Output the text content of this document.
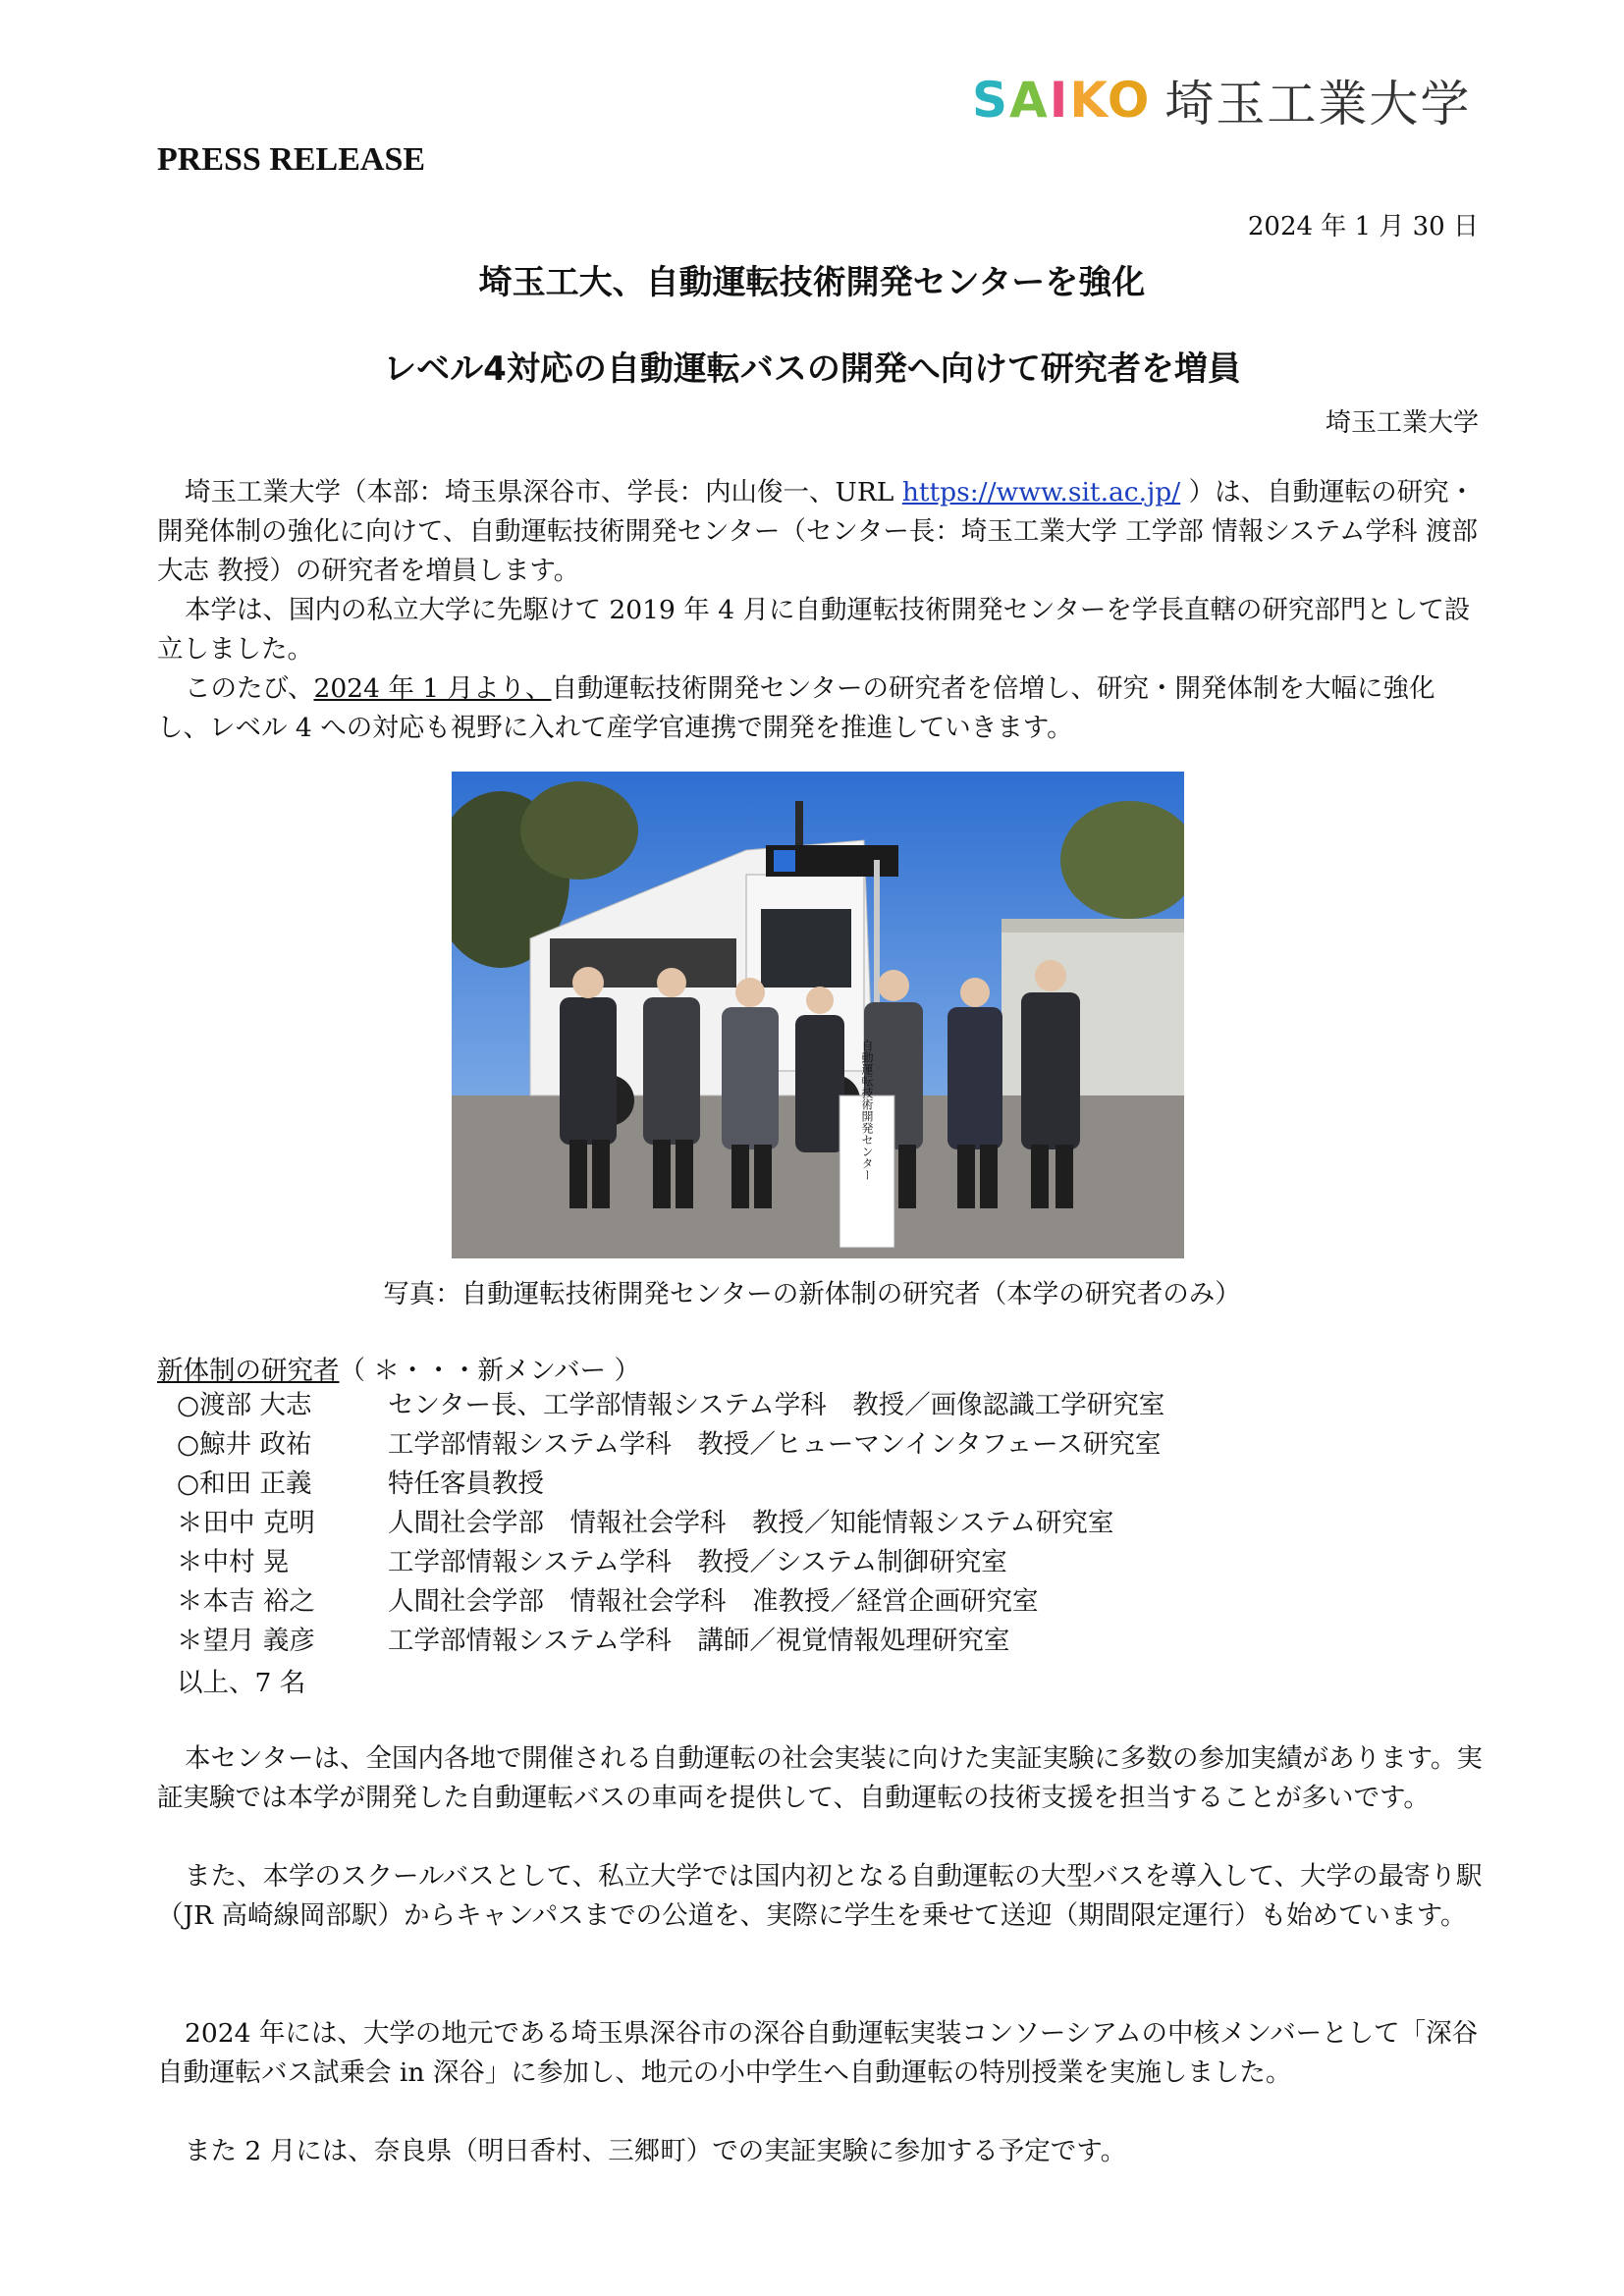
SAIKO 埼玉工業大学
PRESS RELEASE
2024 年 1 月 30 日
埼玉工大、自動運転技術開発センターを強化
レベル4対応の自動運転バスの開発へ向けて研究者を増員
埼玉工業大学

埼玉工業大学（本部：埼玉県深谷市、学長：内山俊一、URL https://www.sit.ac.jp/ ）は、自動運転の研究・開発体制の強化に向けて、自動運転技術開発センター（センター長：埼玉工業大学 工学部 情報システム学科 渡部大志 教授）の研究者を増員します。

本学は、国内の私立大学に先駆けて 2019 年 4 月に自動運転技術開発センターを学長直轄の研究部門として設立しました。

このたび、2024 年 1 月より、自動運転技術開発センターの研究者を倍増し、研究・開発体制を大幅に強化し、レベル 4 への対応も視野に入れて産学官連携で開発を推進していきます。

自動運転技術開発センター
写真：自動運転技術開発センターの新体制の研究者（本学の研究者のみ）
新体制の研究者（ ＊・・・新メンバー ）
○渡部 大志	センター長、工学部情報システム学科　教授／画像認識工学研究室
○鯨井 政祐	工学部情報システム学科　教授／ヒューマンインタフェース研究室
○和田 正義	特任客員教授
＊田中 克明	人間社会学部　情報社会学科　教授／知能情報システム研究室
＊中村 晃	工学部情報システム学科　教授／システム制御研究室
＊本吉 裕之	人間社会学部　情報社会学科　准教授／経営企画研究室
＊望月 義彦	工学部情報システム学科　講師／視覚情報処理研究室
以上、7 名

本センターは、全国内各地で開催される自動運転の社会実装に向けた実証実験に多数の参加実績があります。実証実験では本学が開発した自動運転バスの車両を提供して、自動運転の技術支援を担当することが多いです。

また、本学のスクールバスとして、私立大学では国内初となる自動運転の大型バスを導入して、大学の最寄り駅（JR 高崎線岡部駅）からキャンパスまでの公道を、実際に学生を乗せて送迎（期間限定運行）も始めています。

2024 年には、大学の地元である埼玉県深谷市の深谷自動運転実装コンソーシアムの中核メンバーとして「深谷自動運転バス試乗会 in 深谷」に参加し、地元の小中学生へ自動運転の特別授業を実施しました。

また 2 月には、奈良県（明日香村、三郷町）での実証実験に参加する予定です。
